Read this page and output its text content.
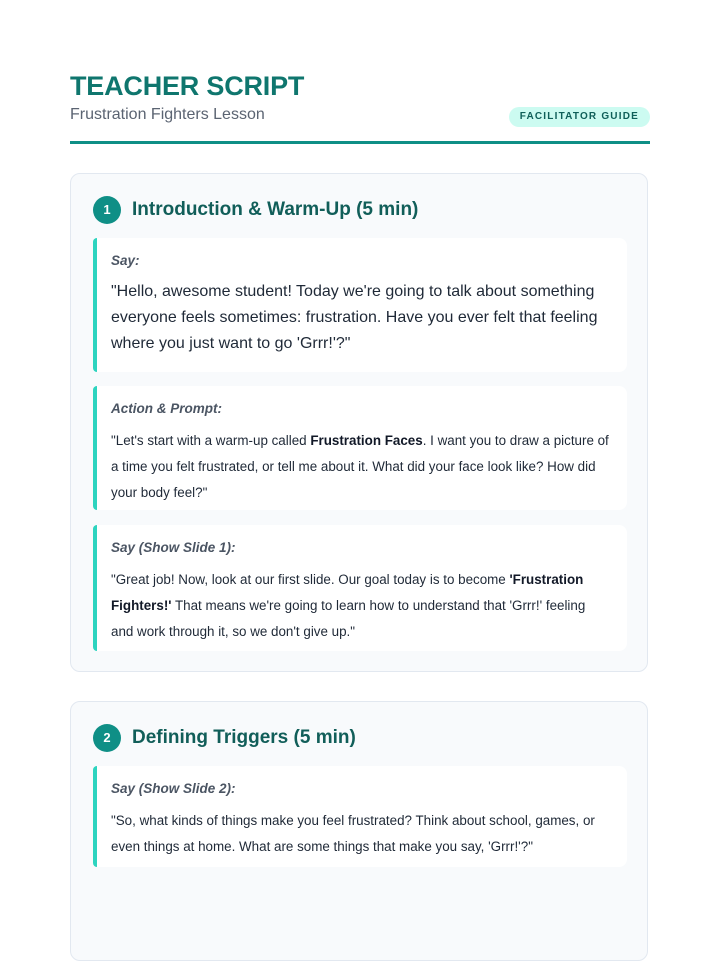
TEACHER SCRIPT
Frustration Fighters Lesson	FACILITATOR GUIDE
1	Introduction & Warm-Up (5 min)
Say:
"Hello, awesome student! Today we're going to talk about something everyone feels sometimes: frustration. Have you ever felt that feeling where you just want to go 'Grrr!'?"
Action & Prompt:
"Let's start with a warm-up called Frustration Faces. I want you to draw a picture of a time you felt frustrated, or tell me about it. What did your face look like? How did your body feel?"
Say (Show Slide 1):
"Great job! Now, look at our first slide. Our goal today is to become 'Frustration Fighters!' That means we're going to learn how to understand that 'Grrr!' feeling and work through it, so we don't give up."
2	Defining Triggers (5 min)
Say (Show Slide 2):
"So, what kinds of things make you feel frustrated? Think about school, games, or even things at home. What are some things that make you say, 'Grrr!'?"
